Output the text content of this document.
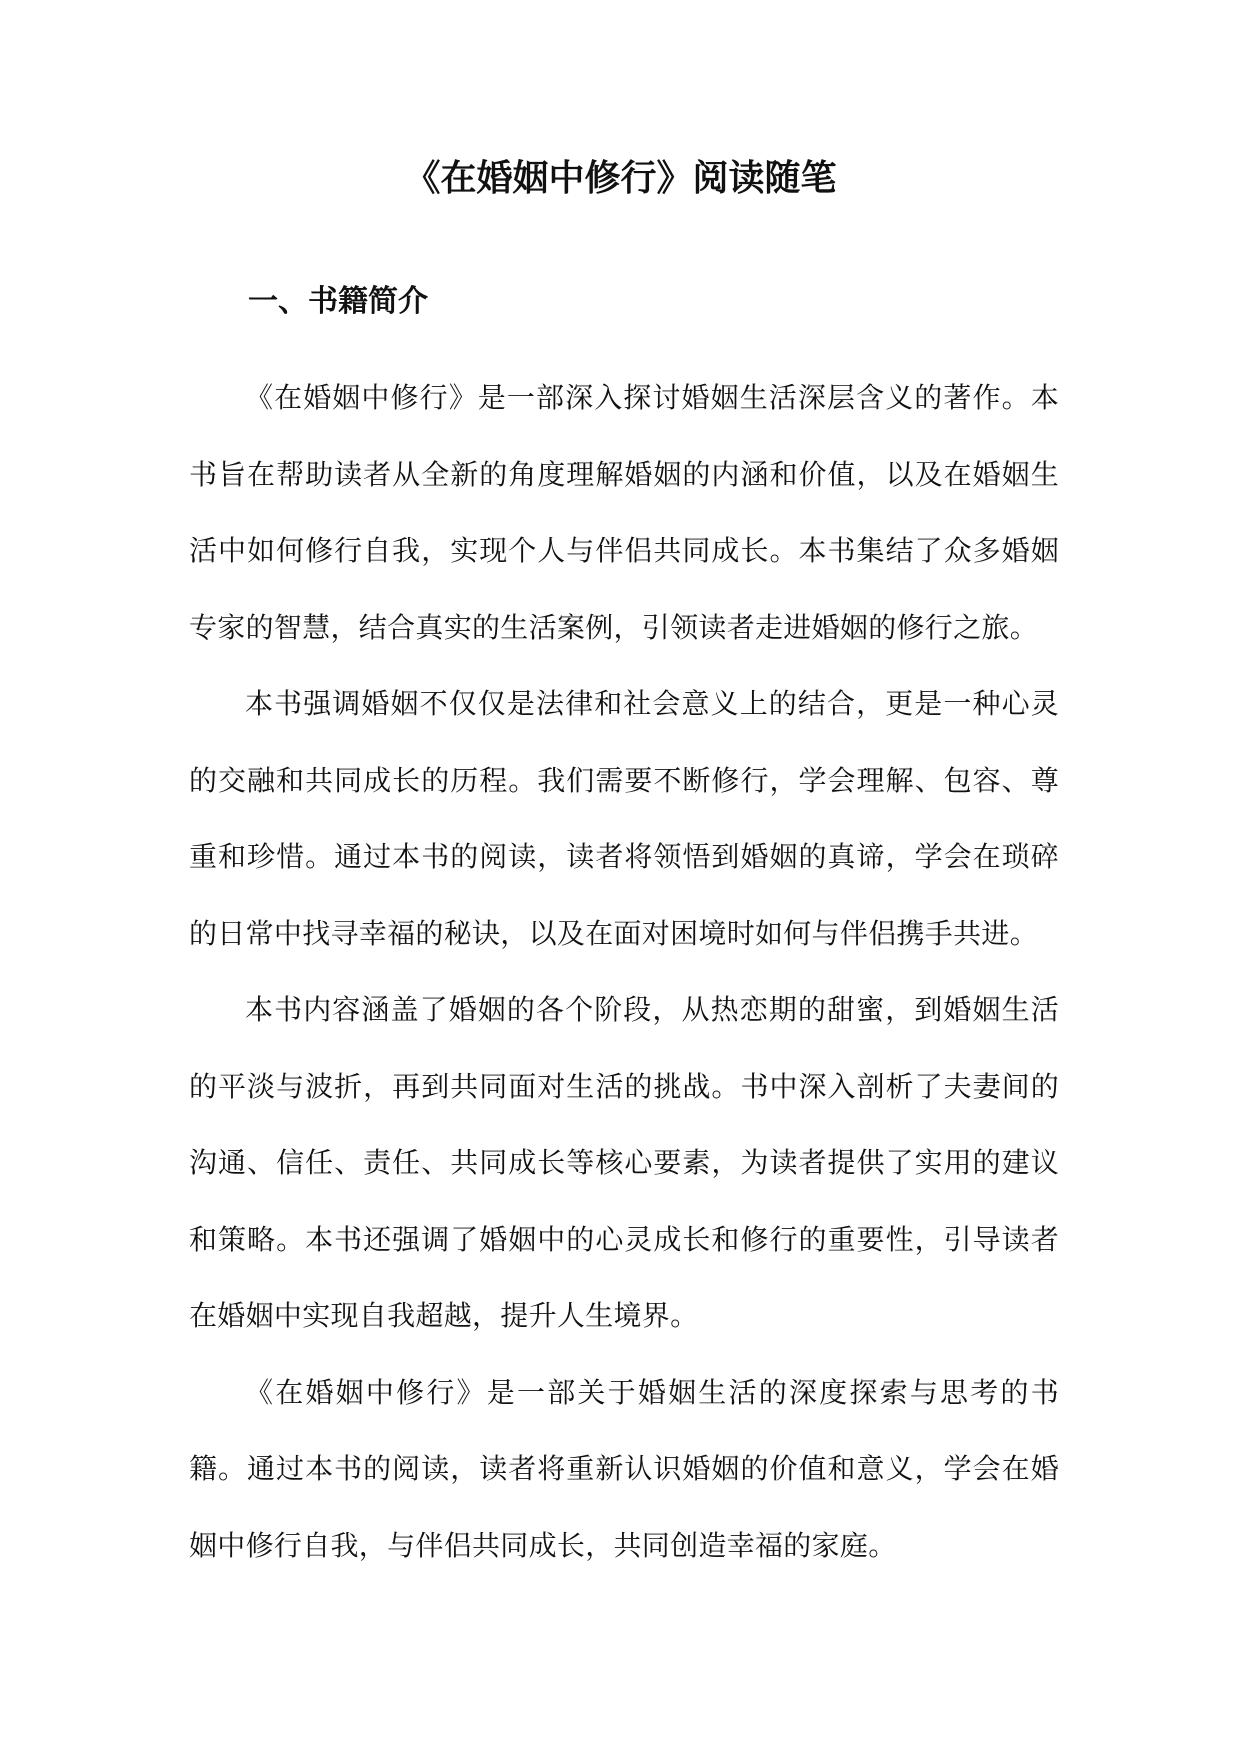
《在婚姻中修行》阅读随笔
一、书籍简介

《在婚姻中修行》是一部深入探讨婚姻生活深层含义的著作。本书旨在帮助读者从全新的角度理解婚姻的内涵和价值，以及在婚姻生活中如何修行自我，实现个人与伴侣共同成长。本书集结了众多婚姻专家的智慧，结合真实的生活案例，引领读者走进婚姻的修行之旅。

本书强调婚姻不仅仅是法律和社会意义上的结合，更是一种心灵的交融和共同成长的历程。我们需要不断修行，学会理解、包容、尊重和珍惜。通过本书的阅读，读者将领悟到婚姻的真谛，学会在琐碎的日常中找寻幸福的秘诀，以及在面对困境时如何与伴侣携手共进。

本书内容涵盖了婚姻的各个阶段，从热恋期的甜蜜，到婚姻生活的平淡与波折，再到共同面对生活的挑战。书中深入剖析了夫妻间的沟通、信任、责任、共同成长等核心要素，为读者提供了实用的建议和策略。本书还强调了婚姻中的心灵成长和修行的重要性，引导读者在婚姻中实现自我超越，提升人生境界。

《在婚姻中修行》是一部关于婚姻生活的深度探索与思考的书籍。通过本书的阅读，读者将重新认识婚姻的价值和意义，学会在婚姻中修行自我，与伴侣共同成长，共同创造幸福的家庭。
